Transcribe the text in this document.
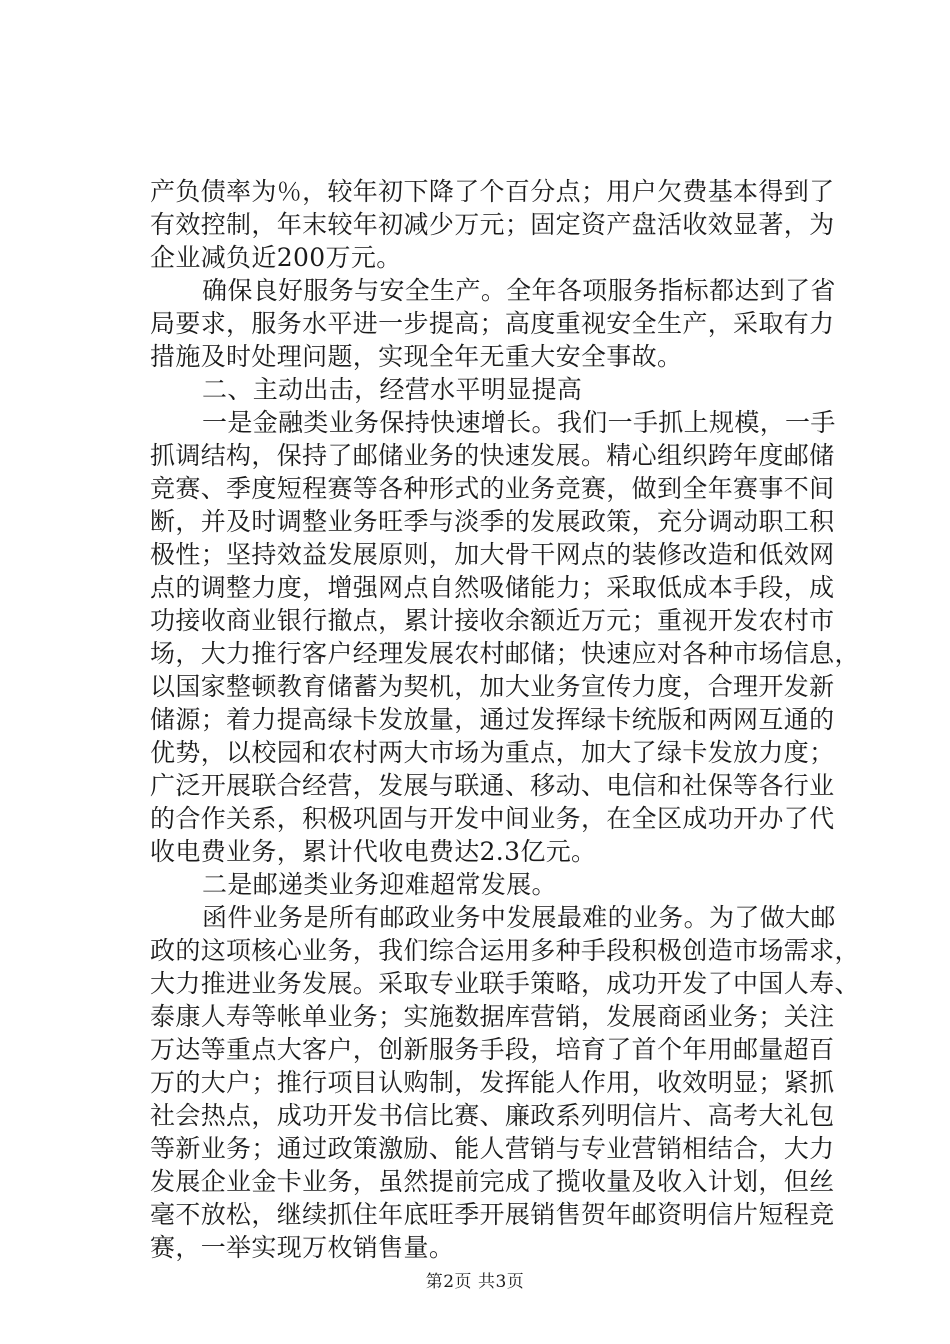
产负债率为％，较年初下降了个百分点；用户欠费基本得到了
有效控制，年末较年初减少万元；固定资产盘活收效显著，为
企业减负近200万元。
确保良好服务与安全生产。全年各项服务指标都达到了省
局要求，服务水平进一步提高；高度重视安全生产，采取有力
措施及时处理问题，实现全年无重大安全事故。
二、主动出击，经营水平明显提高
一是金融类业务保持快速增长。我们一手抓上规模，一手
抓调结构，保持了邮储业务的快速发展。精心组织跨年度邮储
竞赛、季度短程赛等各种形式的业务竞赛，做到全年赛事不间
断，并及时调整业务旺季与淡季的发展政策，充分调动职工积
极性；坚持效益发展原则，加大骨干网点的装修改造和低效网
点的调整力度，增强网点自然吸储能力；采取低成本手段，成
功接收商业银行撤点，累计接收余额近万元；重视开发农村市
场，大力推行客户经理发展农村邮储；快速应对各种市场信息，
以国家整顿教育储蓄为契机，加大业务宣传力度，合理开发新
储源；着力提高绿卡发放量，通过发挥绿卡统版和两网互通的
优势，以校园和农村两大市场为重点，加大了绿卡发放力度；
广泛开展联合经营，发展与联通、移动、电信和社保等各行业
的合作关系，积极巩固与开发中间业务，在全区成功开办了代
收电费业务，累计代收电费达2.3亿元。
二是邮递类业务迎难超常发展。
函件业务是所有邮政业务中发展最难的业务。为了做大邮
政的这项核心业务，我们综合运用多种手段积极创造市场需求，
大力推进业务发展。采取专业联手策略，成功开发了中国人寿、
泰康人寿等帐单业务；实施数据库营销，发展商函业务；关注
万达等重点大客户，创新服务手段，培育了首个年用邮量超百
万的大户；推行项目认购制，发挥能人作用，收效明显；紧抓
社会热点，成功开发书信比赛、廉政系列明信片、高考大礼包
等新业务；通过政策激励、能人营销与专业营销相结合，大力
发展企业金卡业务，虽然提前完成了揽收量及收入计划，但丝
毫不放松，继续抓住年底旺季开展销售贺年邮资明信片短程竞
赛，一举实现万枚销售量。
第2页 共3页
